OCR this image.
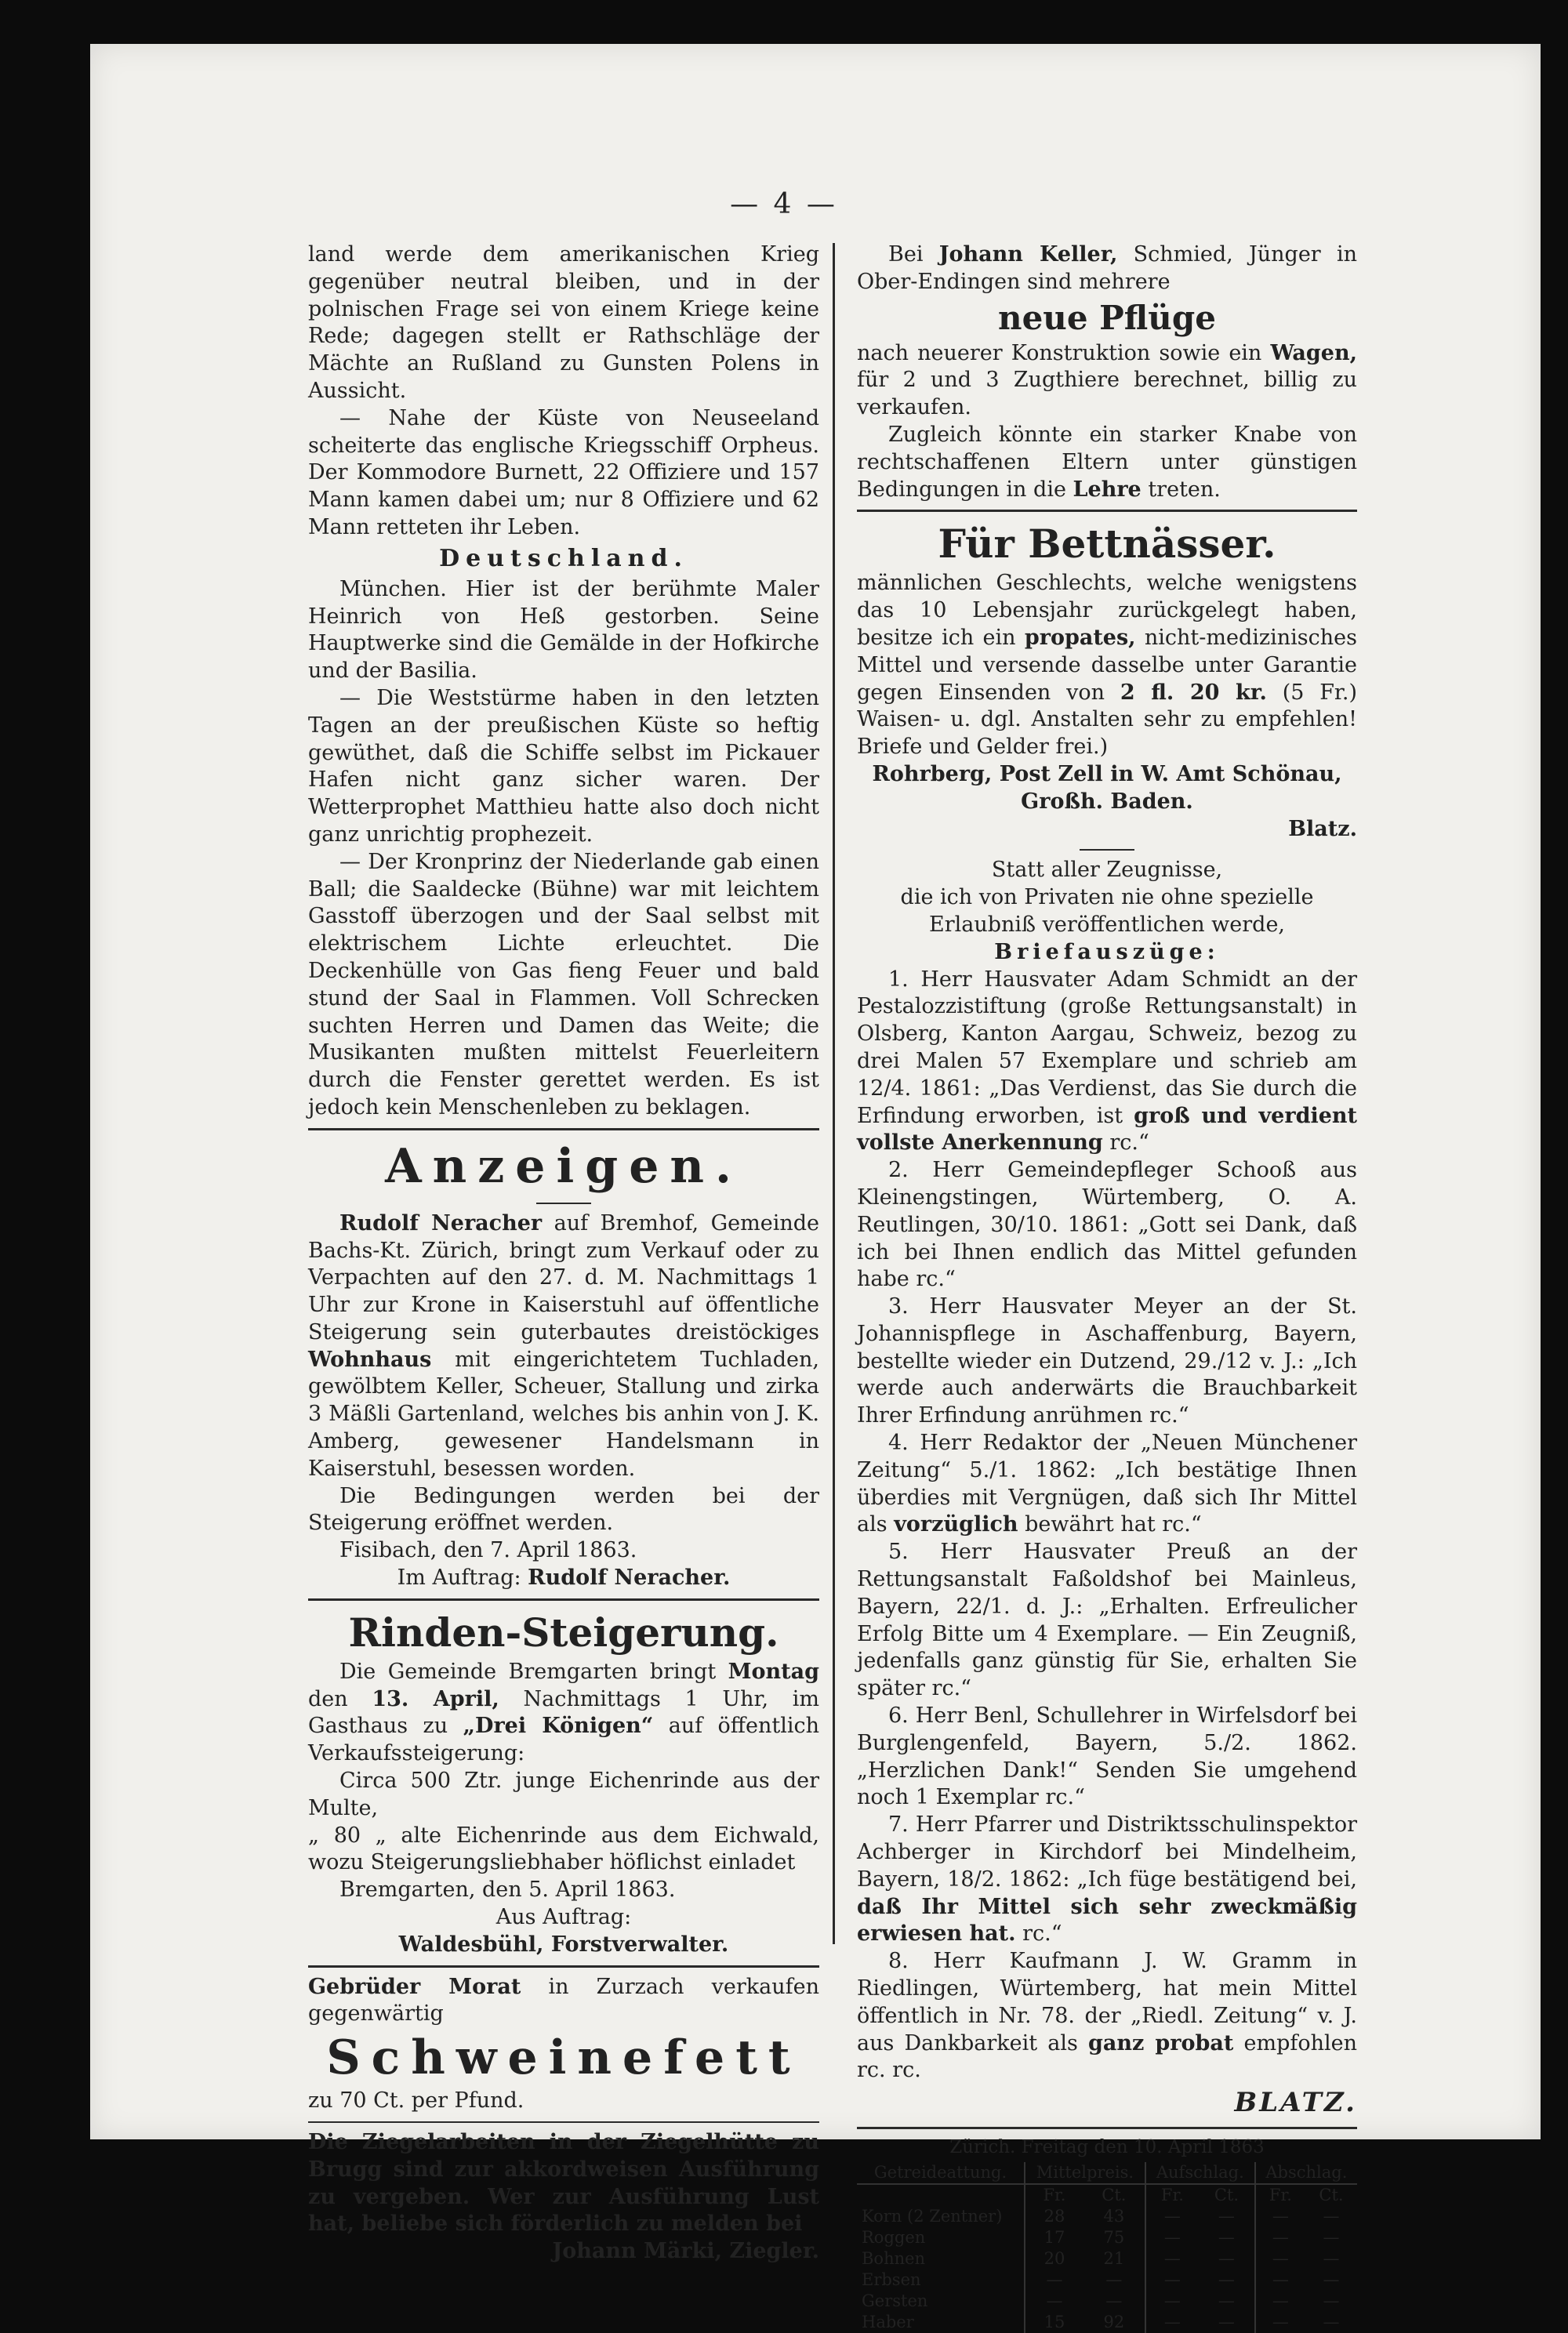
— 4 —

land werde dem amerikanischen Krieg gegenüber neutral bleiben, und in der polnischen Frage sei von einem Kriege keine Rede; dagegen stellt er Rathschläge der Mächte an Rußland zu Gunsten Polens in Aussicht.

— Nahe der Küste von Neuseeland scheiterte das englische Kriegsschiff Orpheus. Der Kommodore Burnett, 22 Offiziere und 157 Mann kamen dabei um; nur 8 Offiziere und 62 Mann retteten ihr Leben.

Deutschland.

München. Hier ist der berühmte Maler Heinrich von Heß gestorben. Seine Hauptwerke sind die Gemälde in der Hofkirche und der Basilia.

— Die Weststürme haben in den letzten Tagen an der preußischen Küste so heftig gewüthet, daß die Schiffe selbst im Pickauer Hafen nicht ganz sicher waren. Der Wetterprophet Matthieu hatte also doch nicht ganz unrichtig prophezeit.

— Der Kronprinz der Niederlande gab einen Ball; die Saaldecke (Bühne) war mit leichtem Gasstoff überzogen und der Saal selbst mit elektrischem Lichte erleuchtet. Die Deckenhülle von Gas fieng Feuer und bald stund der Saal in Flammen. Voll Schrecken suchten Herren und Damen das Weite; die Musikanten mußten mittelst Feuerleitern durch die Fenster gerettet werden. Es ist jedoch kein Menschenleben zu beklagen.

Anzeigen.

Rudolf Neracher auf Bremhof, Gemeinde Bachs-Kt. Zürich, bringt zum Verkauf oder zu Verpachten auf den 27. d. M. Nachmittags 1 Uhr zur Krone in Kaiserstuhl auf öffentliche Steigerung sein guterbautes dreistöckiges Wohnhaus mit eingerichtetem Tuchladen, gewölbtem Keller, Scheuer, Stallung und zirka 3 Mäßli Gartenland, welches bis anhin von J. K. Amberg, gewesener Handelsmann in Kaiserstuhl, besessen worden.

Die Bedingungen werden bei der Steigerung eröffnet werden.

Fisibach, den 7. April 1863.

Im Auftrag: Rudolf Neracher.

Rinden-Steigerung.

Die Gemeinde Bremgarten bringt Montag den 13. April, Nachmittags 1 Uhr, im Gasthaus zu „Drei Königen“ auf öffentlich Verkaufssteigerung:

Circa 500 Ztr. junge Eichenrinde aus der Multe,

„ 80 „ alte Eichenrinde aus dem Eichwald, wozu Steigerungsliebhaber höflichst einladet

Bremgarten, den 5. April 1863.

Aus Auftrag:

Waldesbühl, Forstverwalter.

Gebrüder Morat in Zurzach verkaufen gegenwärtig

Schweinefett

zu 70 Ct. per Pfund.

Die Ziegelarbeiten in der Ziegelhütte zu Brugg sind zur akkordweisen Ausführung zu vergeben. Wer zur Ausführung Lust hat, beliebe sich förderlich zu melden bei

Johann Märki, Ziegler.

Bei Johann Keller, Schmied, Jünger in Ober-Endingen sind mehrere

neue Pflüge

nach neuerer Konstruktion sowie ein Wagen, für 2 und 3 Zugthiere berechnet, billig zu verkaufen.

Zugleich könnte ein starker Knabe von rechtschaffenen Eltern unter günstigen Bedingungen in die Lehre treten.

Für Bettnässer.

männlichen Geschlechts, welche wenigstens das 10 Lebensjahr zurückgelegt haben, besitze ich ein propates, nicht-medizinisches Mittel und versende dasselbe unter Garantie gegen Einsenden von 2 fl. 20 kr. (5 Fr.) Waisen- u. dgl. Anstalten sehr zu empfehlen! Briefe und Gelder frei.)

Rohrberg, Post Zell in W. Amt Schönau,

Großh. Baden.

Blatz.

Statt aller Zeugnisse,

die ich von Privaten nie ohne spezielle Erlaubniß veröffentlichen werde,

Briefauszüge:

1. Herr Hausvater Adam Schmidt an der Pestalozzistiftung (große Rettungsanstalt) in Olsberg, Kanton Aargau, Schweiz, bezog zu drei Malen 57 Exemplare und schrieb am 12/4. 1861: „Das Verdienst, das Sie durch die Erfindung erworben, ist groß und verdient vollste Anerkennung rc.“

2. Herr Gemeindepfleger Schooß aus Kleinengstingen, Würtemberg, O. A. Reutlingen, 30/10. 1861: „Gott sei Dank, daß ich bei Ihnen endlich das Mittel gefunden habe rc.“

3. Herr Hausvater Meyer an der St. Johannispflege in Aschaffenburg, Bayern, bestellte wieder ein Dutzend, 29./12 v. J.: „Ich werde auch anderwärts die Brauchbarkeit Ihrer Erfindung anrühmen rc.“

4. Herr Redaktor der „Neuen Münchener Zeitung“ 5./1. 1862: „Ich bestätige Ihnen überdies mit Vergnügen, daß sich Ihr Mittel als vorzüglich bewährt hat rc.“

5. Herr Hausvater Preuß an der Rettungsanstalt Faßoldshof bei Mainleus, Bayern, 22/1. d. J.: „Erhalten. Erfreulicher Erfolg Bitte um 4 Exemplare. — Ein Zeugniß, jedenfalls ganz günstig für Sie, erhalten Sie später rc.“

6. Herr Benl, Schullehrer in Wirfelsdorf bei Burglengenfeld, Bayern, 5./2. 1862. „Herzlichen Dank!“ Senden Sie umgehend noch 1 Exemplar rc.“

7. Herr Pfarrer und Distriktsschulinspektor Achberger in Kirchdorf bei Mindelheim, Bayern, 18/2. 1862: „Ich füge bestätigend bei, daß Ihr Mittel sich sehr zweckmäßig erwiesen hat. rc.“

8. Herr Kaufmann J. W. Gramm in Riedlingen, Würtemberg, hat mein Mittel öffentlich in Nr. 78. der „Riedl. Zeitung“ v. J. aus Dankbarkeit als ganz probat empfohlen rc. rc.

BLATZ.

Zürich. Freitag den 10. April 1863

Getreideattung.	Mittelpreis.		Aufschlag.		Abschlag.	
	Fr.	Ct.	Fr.	Ct.	Fr.	Ct.
Korn (2 Zentner)	28	43	—	—	—	—
Roggen	17	75	—	—	—	—
Bohnen	20	21	—	—	—	—
Erbsen	—	—	—	—	—	—
Gersten	—	—	—	—	—	—
Haber	15	92	—	—	—	—
